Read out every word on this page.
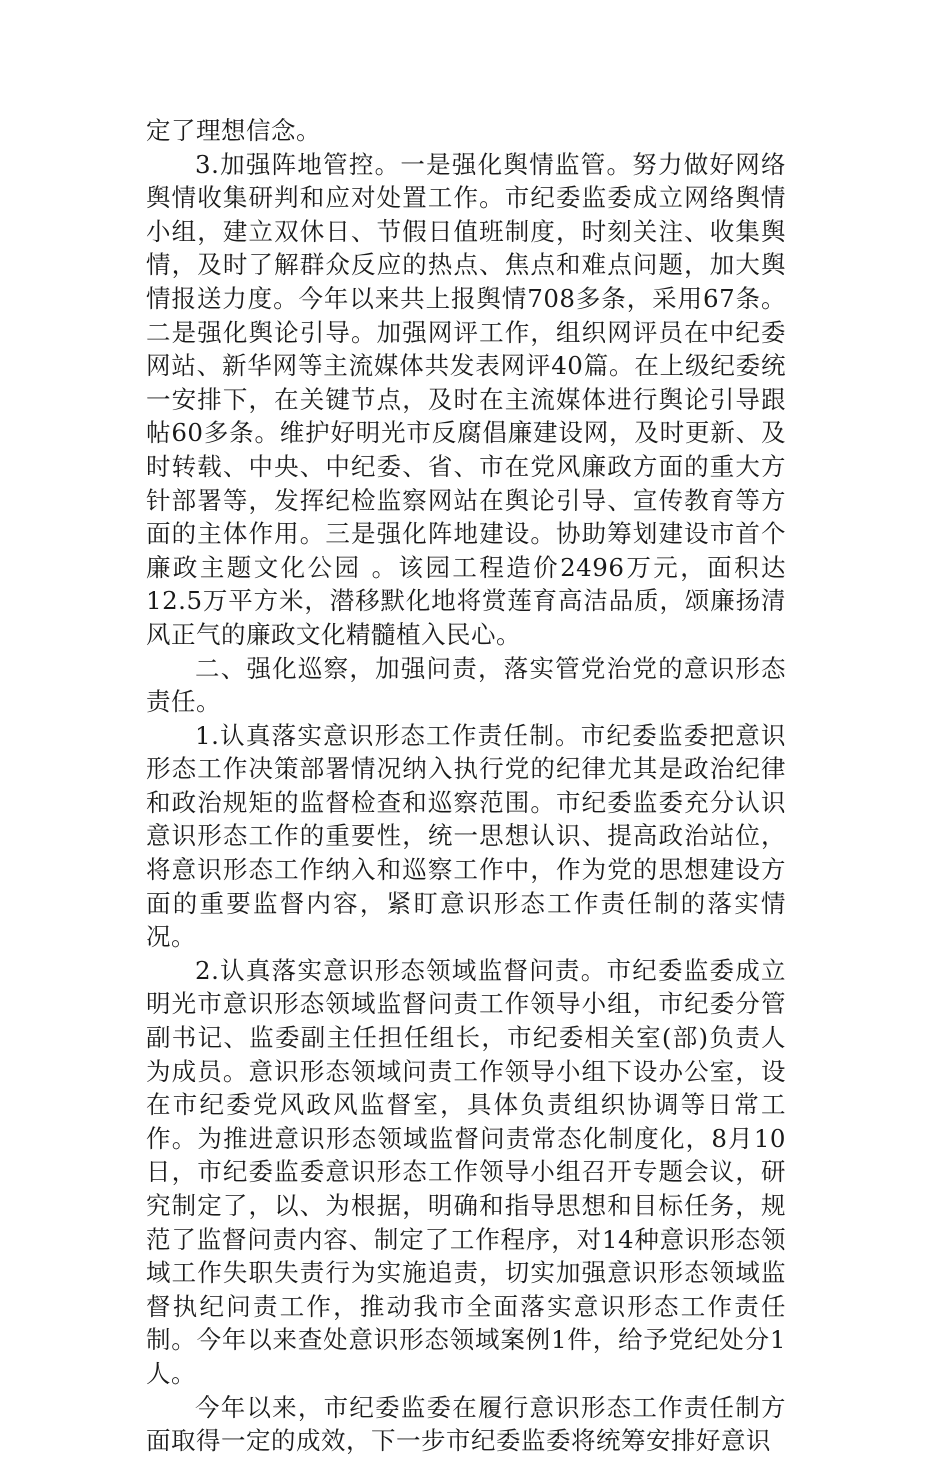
定了理想信念。

3.加强阵地管控。一是强化舆情监管。努力做好网络舆情收集研判和应对处置工作。市纪委监委成立网络舆情小组，建立双休日、节假日值班制度，时刻关注、收集舆情，及时了解群众反应的热点、焦点和难点问题，加大舆情报送力度。今年以来共上报舆情708多条，采用67条。二是强化舆论引导。加强网评工作，组织网评员在中纪委网站、新华网等主流媒体共发表网评40篇。在上级纪委统一安排下，在关键节点，及时在主流媒体进行舆论引导跟帖60多条。维护好明光市反腐倡廉建设网，及时更新、及时转载、中央、中纪委、省、市在党风廉政方面的重大方针部署等，发挥纪检监察网站在舆论引导、宣传教育等方面的主体作用。三是强化阵地建设。协助筹划建设市首个廉政主题文化公园 。该园工程造价2496万元，面积达12.5万平方米，潜移默化地将赏莲育高洁品质，颂廉扬清风正气的廉政文化精髓植入民心。

二、强化巡察，加强问责，落实管党治党的意识形态责任。

1.认真落实意识形态工作责任制。市纪委监委把意识形态工作决策部署情况纳入执行党的纪律尤其是政治纪律和政治规矩的监督检查和巡察范围。市纪委监委充分认识意识形态工作的重要性，统一思想认识、提高政治站位，将意识形态工作纳入和巡察工作中，作为党的思想建设方面的重要监督内容，紧盯意识形态工作责任制的落实情况。

2.认真落实意识形态领域监督问责。市纪委监委成立明光市意识形态领域监督问责工作领导小组，市纪委分管副书记、监委副主任担任组长，市纪委相关室(部)负责人为成员。意识形态领域问责工作领导小组下设办公室，设在市纪委党风政风监督室，具体负责组织协调等日常工作。为推进意识形态领域监督问责常态化制度化，8月10日，市纪委监委意识形态工作领导小组召开专题会议，研究制定了，以、为根据，明确和指导思想和目标任务，规范了监督问责内容、制定了工作程序，对14种意识形态领域工作失职失责行为实施追责，切实加强意识形态领域监督执纪问责工作，推动我市全面落实意识形态工作责任制。今年以来查处意识形态领域案例1件，给予党纪处分1人。

今年以来，市纪委监委在履行意识形态工作责任制方面取得一定的成效，下一步市纪委监委将统筹安排好意识
